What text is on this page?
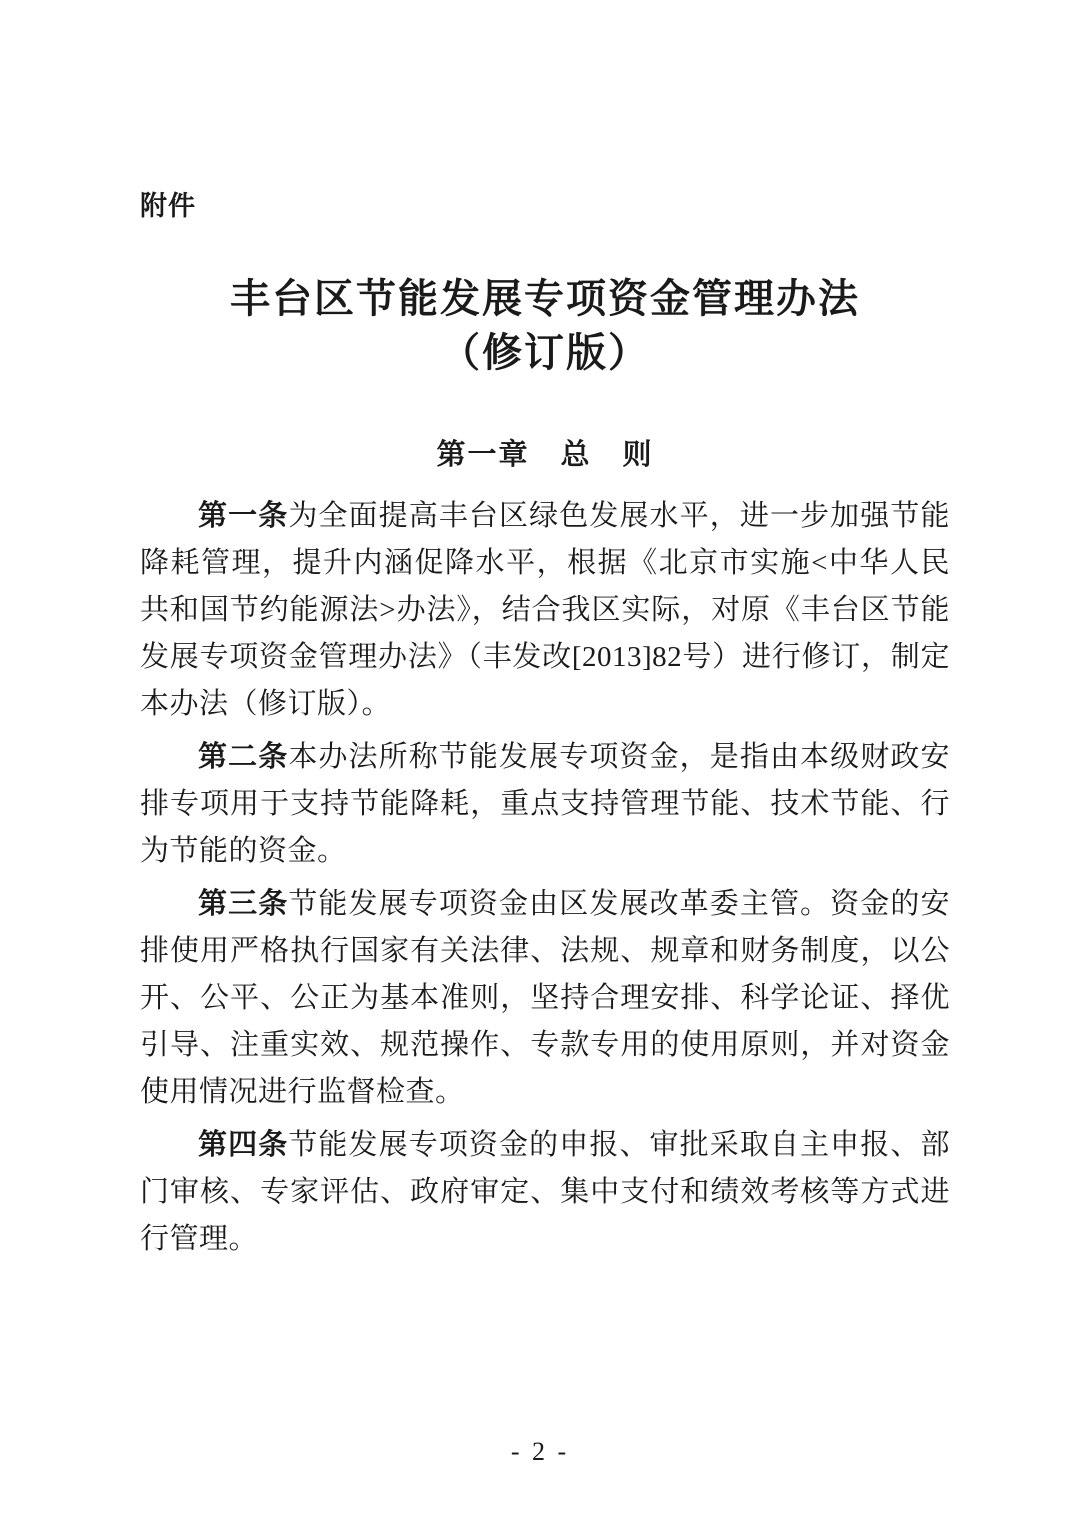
附件
丰台区节能发展专项资金管理办法
（修订版）
第一章　总　则

第一条为全面提高丰台区绿色发展水平，进一步加强节能降耗管理，提升内涵促降水平，根据《北京市实施<中华人民共和国节约能源法>办法》，结合我区实际，对原《丰台区节能发展专项资金管理办法》（丰发改[2013]82号）进行修订，制定本办法（修订版）。

第二条本办法所称节能发展专项资金，是指由本级财政安排专项用于支持节能降耗，重点支持管理节能、技术节能、行为节能的资金。

第三条节能发展专项资金由区发展改革委主管。资金的安排使用严格执行国家有关法律、法规、规章和财务制度，以公开、公平、公正为基本准则，坚持合理安排、科学论证、择优引导、注重实效、规范操作、专款专用的使用原则，并对资金使用情况进行监督检查。

第四条节能发展专项资金的申报、审批采取自主申报、部门审核、专家评估、政府审定、集中支付和绩效考核等方式进行管理。

- 2 -
